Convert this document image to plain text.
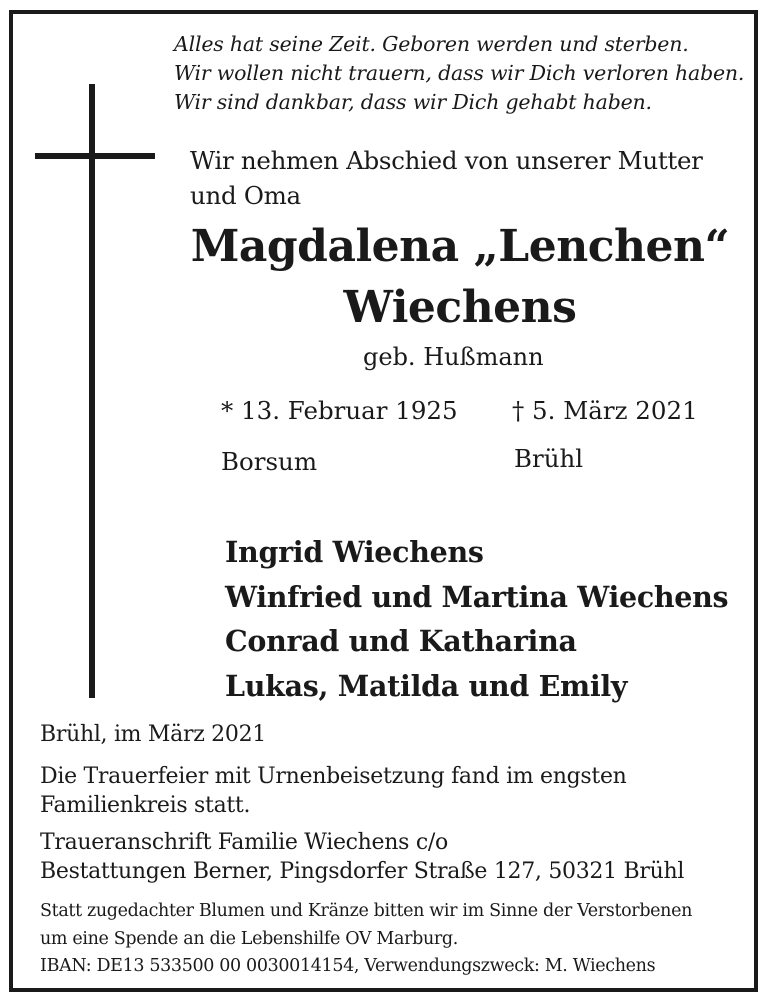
Alles hat seine Zeit. Geboren werden und sterben.
Wir wollen nicht trauern, dass wir Dich verloren haben.
Wir sind dankbar, dass wir Dich gehabt haben.
Wir nehmen Abschied von unserer Mutter
und Oma
Magdalena „Lenchen“
Wiechens
geb. Hußmann
* 13. Februar 1925 † 5. März 2021
Borsum	Brühl
Ingrid Wiechens
Winfried und Martina Wiechens
Conrad und Katharina
Lukas, Matilda und Emily
Brühl, im März 2021
Die Trauerfeier mit Urnenbeisetzung fand im engsten
Familienkreis statt.
Traueranschrift Familie Wiechens c/o
Bestattungen Berner, Pingsdorfer Straße 127, 50321 Brühl
Statt zugedachter Blumen und Kränze bitten wir im Sinne der Verstorbenen
um eine Spende an die Lebenshilfe OV Marburg.
IBAN: DE13 533500 00 0030014154, Verwendungszweck: M. Wiechens
